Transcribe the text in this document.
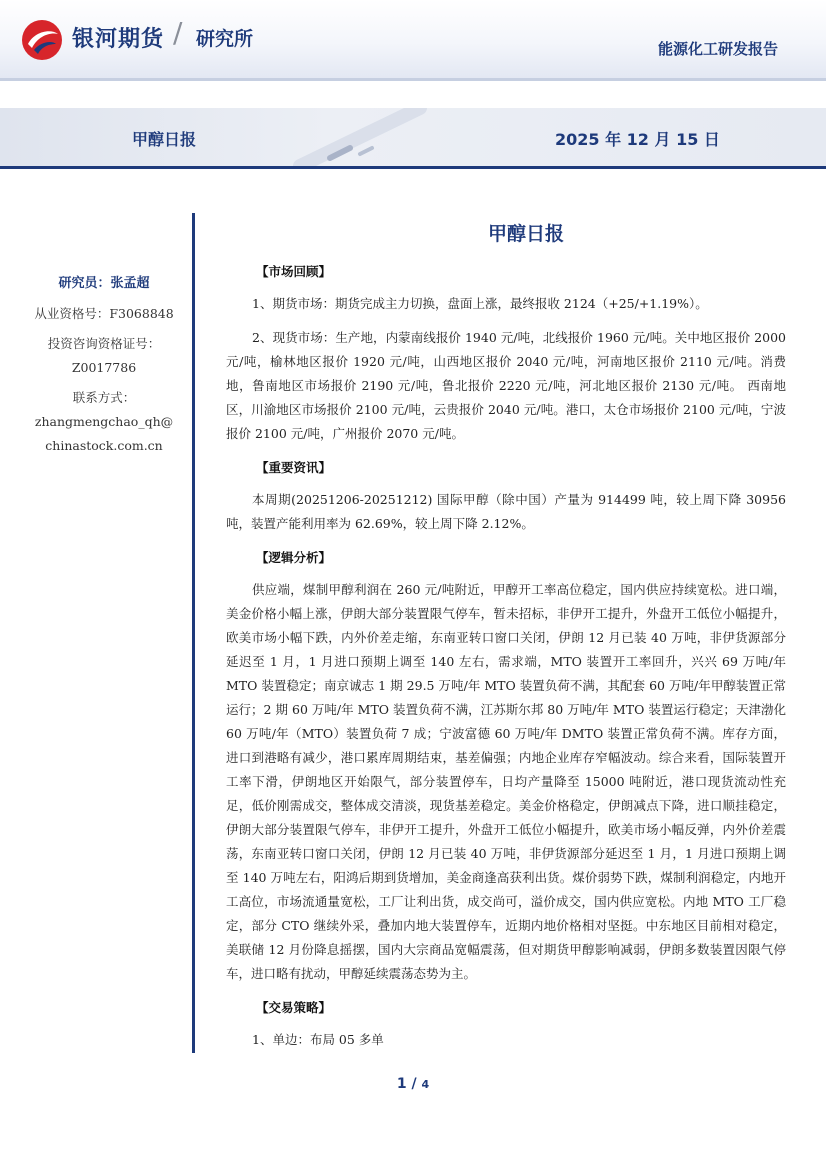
银河期货 / 研究所	能源化工研发报告
甲醇日报	2025 年 12 月 15 日
研究员：张孟超
从业资格号：F3068848
投资咨询资格证号：
Z0017786
联系方式：
zhangmengchao_qh@
chinastock.com.cn
甲醇日报
【市场回顾】

1、期货市场：期货完成主力切换，盘面上涨，最终报收 2124（+25/+1.19%）。

2、现货市场：生产地，内蒙南线报价 1940 元/吨，北线报价 1960 元/吨。关中地区报价 2000 元/吨，榆林地区报价 1920 元/吨，山西地区报价 2040 元/吨，河南地区报价 2110 元/吨。消费地，鲁南地区市场报价 2190 元/吨，鲁北报价 2220 元/吨，河北地区报价 2130 元/吨。 西南地区，川渝地区市场报价 2100 元/吨，云贵报价 2040 元/吨。港口，太仓市场报价 2100 元/吨，宁波报价 2100 元/吨，广州报价 2070 元/吨。

【重要资讯】

本周期(20251206-20251212) 国际甲醇（除中国）产量为 914499 吨，较上周下降 30956 吨，装置产能利用率为 62.69%，较上周下降 2.12%。

【逻辑分析】

供应端，煤制甲醇利润在 260 元/吨附近，甲醇开工率高位稳定，国内供应持续宽松。进口端，美金价格小幅上涨，伊朗大部分装置限气停车，暂未招标，非伊开工提升，外盘开工低位小幅提升，欧美市场小幅下跌，内外价差走缩，东南亚转口窗口关闭，伊朗 12 月已装 40 万吨，非伊货源部分延迟至 1 月，1 月进口预期上调至 140 左右，需求端，MTO 装置开工率回升，兴兴 69 万吨/年 MTO 装置稳定；南京诚志 1 期 29.5 万吨/年 MTO 装置负荷不满，其配套 60 万吨/年甲醇装置正常运行；2 期 60 万吨/年 MTO 装置负荷不满，江苏斯尔邦 80 万吨/年 MTO 装置运行稳定；天津渤化 60 万吨/年（MTO）装置负荷 7 成；宁波富德 60 万吨/年 DMTO 装置正常负荷不满。库存方面，进口到港略有减少，港口累库周期结束，基差偏强；内地企业库存窄幅波动。综合来看，国际装置开工率下滑，伊朗地区开始限气，部分装置停车，日均产量降至 15000 吨附近，港口现货流动性充足，低价刚需成交，整体成交清淡，现货基差稳定。美金价格稳定，伊朗减点下降，进口顺挂稳定，伊朗大部分装置限气停车，非伊开工提升，外盘开工低位小幅提升，欧美市场小幅反弹，内外价差震荡，东南亚转口窗口关闭，伊朗 12 月已装 40 万吨，非伊货源部分延迟至 1 月，1 月进口预期上调至 140 万吨左右，阳鸿后期到货增加，美金商逢高获利出货。煤价弱势下跌，煤制利润稳定，内地开工高位，市场流通量宽松，工厂让利出货，成交尚可，溢价成交，国内供应宽松。内地 MTO 工厂稳定，部分 CTO 继续外采，叠加内地大装置停车，近期内地价格相对坚挺。中东地区目前相对稳定，美联储 12 月份降息摇摆，国内大宗商品宽幅震荡，但对期货甲醇影响减弱，伊朗多数装置因限气停车，进口略有扰动，甲醇延续震荡态势为主。

【交易策略】

1、单边：布局 05 多单

1 / 4
